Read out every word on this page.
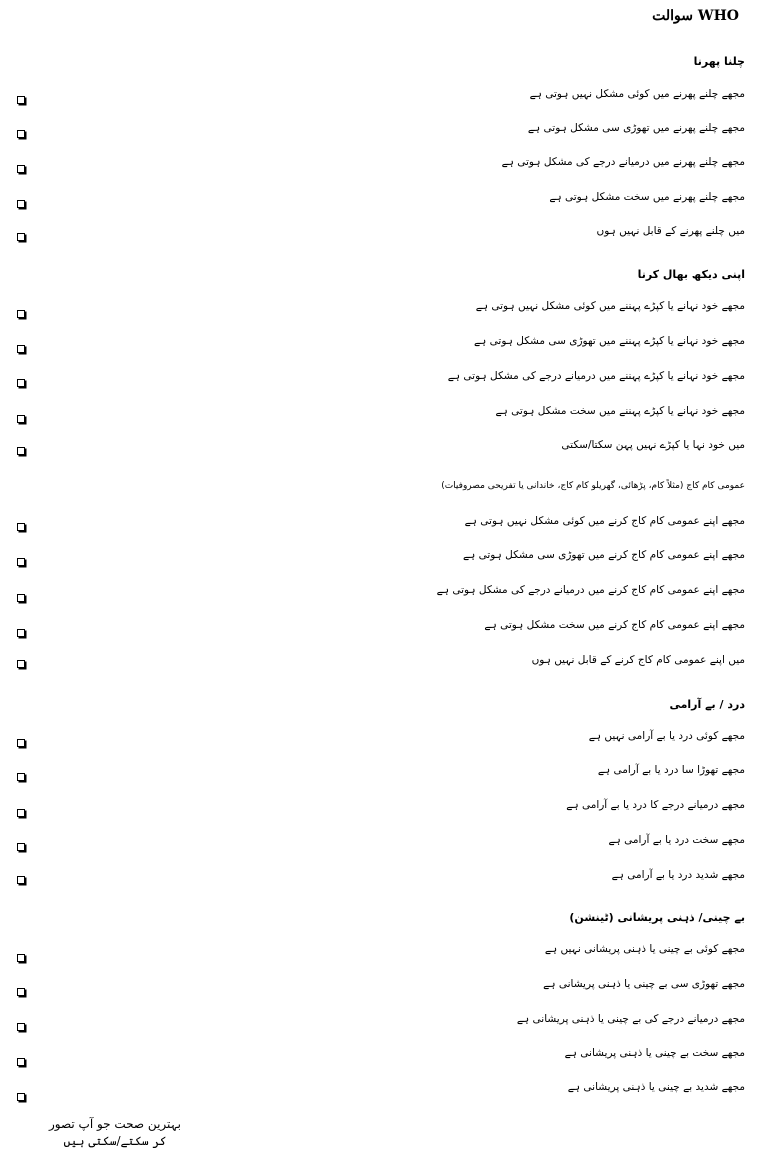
WHO سوالت
چلنا پھرنا
مجھے چلنے پھرنے میں کوئی مشکل نہیں ہوتی ہے
مجھے چلنے پھرنے میں تھوڑی سی مشکل ہوتی ہے
مجھے چلنے پھرنے میں درمیانے درجے کی مشکل ہوتی ہے
مجھے چلنے پھرنے میں سخت مشکل ہوتی ہے
میں چلنے پھرنے کے قابل نہیں ہوں
اپنی دیکھ بھال کرنا
مجھے خود نہانے یا کپڑے پہننے میں کوئی مشکل نہیں ہوتی ہے
مجھے خود نہانے یا کپڑے پہننے میں تھوڑی سی مشکل ہوتی ہے
مجھے خود نہانے یا کپڑے پہننے میں درمیانے درجے کی مشکل ہوتی ہے
مجھے خود نہانے یا کپڑے پہننے میں سخت مشکل ہوتی ہے
میں خود نہا یا کپڑے نہیں پہن سکتا/سکتی
عمومی کام کاج (مثلاً کام، پڑھائی، گھریلو کام کاج، خاندانی یا تفریحی مصروفیات)
مجھے اپنے عمومی کام کاج کرنے میں کوئی مشکل نہیں ہوتی ہے
مجھے اپنے عمومی کام کاج کرنے میں تھوڑی سی مشکل ہوتی ہے
مجھے اپنے عمومی کام کاج کرنے میں درمیانے درجے کی مشکل ہوتی ہے
مجھے اپنے عمومی کام کاج کرنے میں سخت مشکل ہوتی ہے
میں اپنے عمومی کام کاج کرنے کے قابل نہیں ہوں
درد / بے آرامی
مجھے کوئی درد یا بے آرامی نہیں ہے
مجھے تھوڑا سا درد یا بے آرامی ہے
مجھے درمیانے درجے کا درد یا بے آرامی ہے
مجھے سخت درد یا بے آرامی ہے
مجھے شدید درد یا بے آرامی ہے
بے چینی/ ذہنی پریشانی (ٹینشن)
مجھے کوئی بے چینی یا ذہنی پریشانی نہیں ہے
مجھے تھوڑی سی بے چینی یا ذہنی پریشانی ہے
مجھے درمیانے درجے کی بے چینی یا ذہنی پریشانی ہے
مجھے سخت بے چینی یا ذہنی پریشانی ہے
مجھے شدید بے چینی یا ذہنی پریشانی ہے
بہترین صحت جو آپ تصور
کر سکتے/سکتی ہیں
